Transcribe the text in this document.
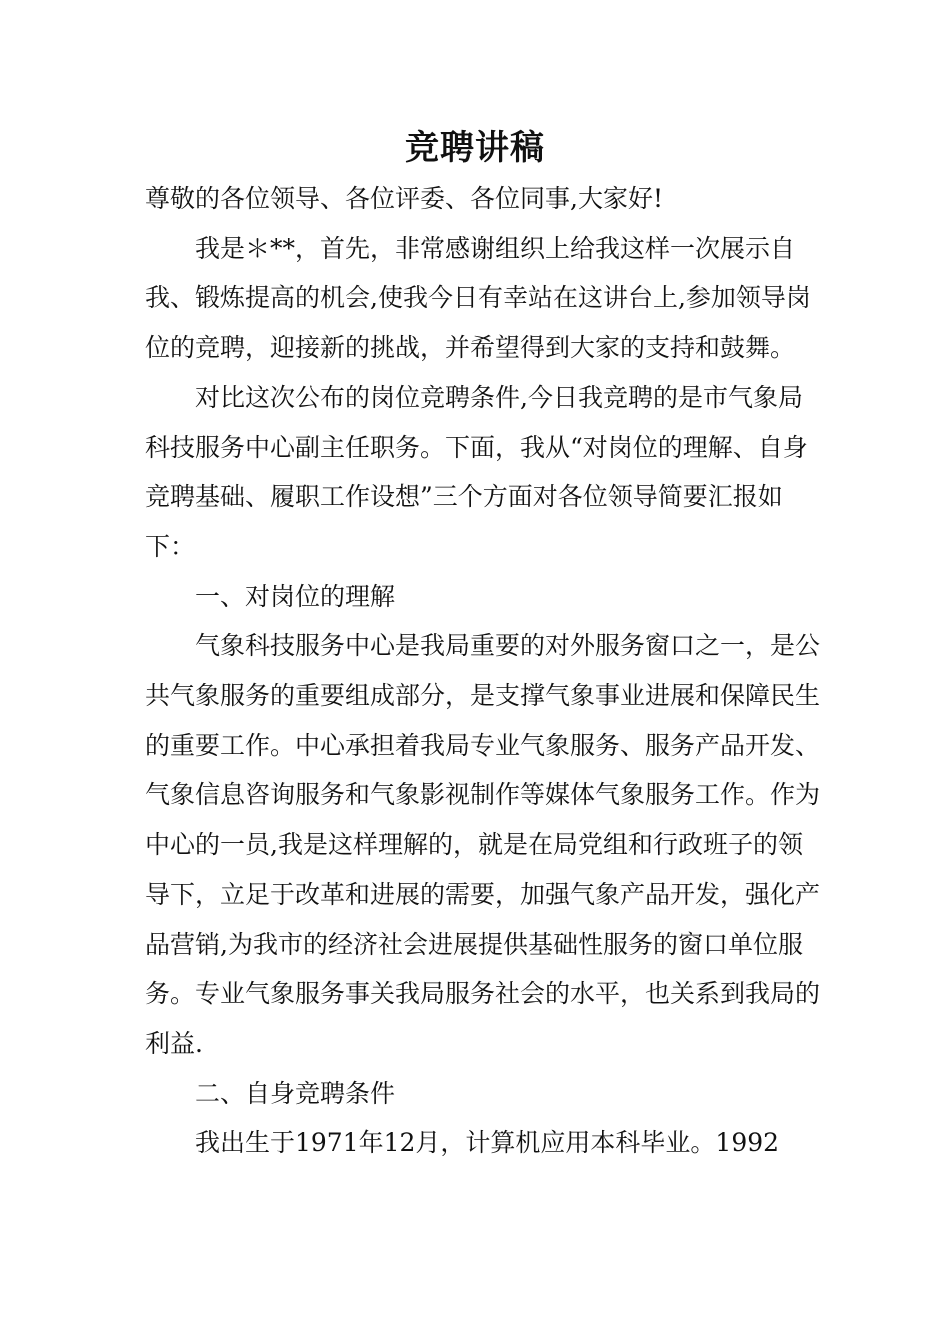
竞聘讲稿

尊敬的各位领导、各位评委、各位同事,大家好!

我是＊**，首先，非常感谢组织上给我这样一次展示自我、锻炼提高的机会,使我今日有幸站在这讲台上,参加领导岗位的竞聘，迎接新的挑战，并希望得到大家的支持和鼓舞。

对比这次公布的岗位竞聘条件,今日我竞聘的是市气象局科技服务中心副主任职务。下面，我从“对岗位的理解、自身竞聘基础、履职工作设想”三个方面对各位领导简要汇报如下：

一、对岗位的理解

气象科技服务中心是我局重要的对外服务窗口之一，是公共气象服务的重要组成部分，是支撑气象事业进展和保障民生的重要工作。中心承担着我局专业气象服务、服务产品开发、气象信息咨询服务和气象影视制作等媒体气象服务工作。作为中心的一员,我是这样理解的，就是在局党组和行政班子的领导下，立足于改革和进展的需要，加强气象产品开发，强化产品营销,为我市的经济社会进展提供基础性服务的窗口单位服务。专业气象服务事关我局服务社会的水平，也关系到我局的利益.

二、自身竞聘条件

我出生于1971年12月，计算机应用本科毕业。1992
